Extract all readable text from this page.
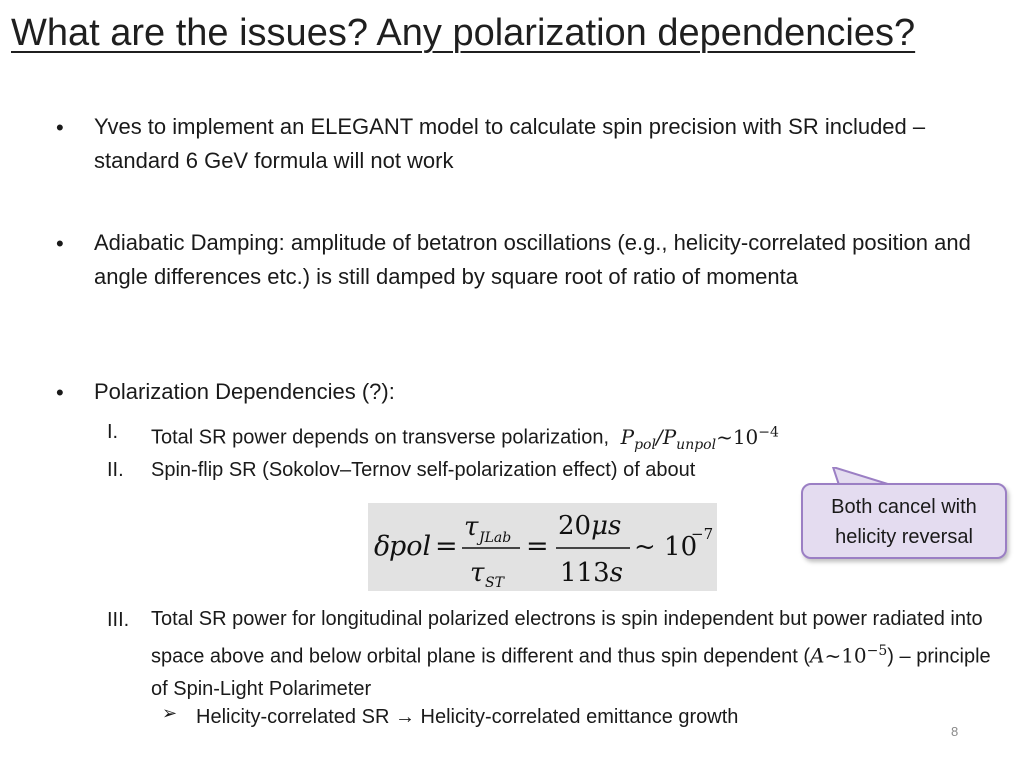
What are the issues? Any polarization dependencies?
• Yves to implement an ELEGANT model to calculate spin precision with SR included – standard 6 GeV formula will not work
• Adiabatic Damping: amplitude of betatron oscillations (e.g., helicity-correlated position and angle differences etc.) is still damped by square root of ratio of momenta
• Polarization Dependencies (?):
I. Total SR power depends on transverse polarization, $P_{pol}/P_{unpol}\sim 10^{-4}$
II. Spin-flip SR (Sokolov–Ternov self-polarization effect) of about
δ
pol =
τ JLab
τ ST
=
20μs
113s
~ 10
−7
Both cancel with
helicity reversal
III. Total SR power for longitudinal polarized electrons is spin independent but power radiated into space above and below orbital plane is different and thus spin dependent $(A\sim 10^{-5})$ – principle of Spin-Light Polarimeter
➢ Helicity-correlated SR → Helicity-correlated emittance growth
8
